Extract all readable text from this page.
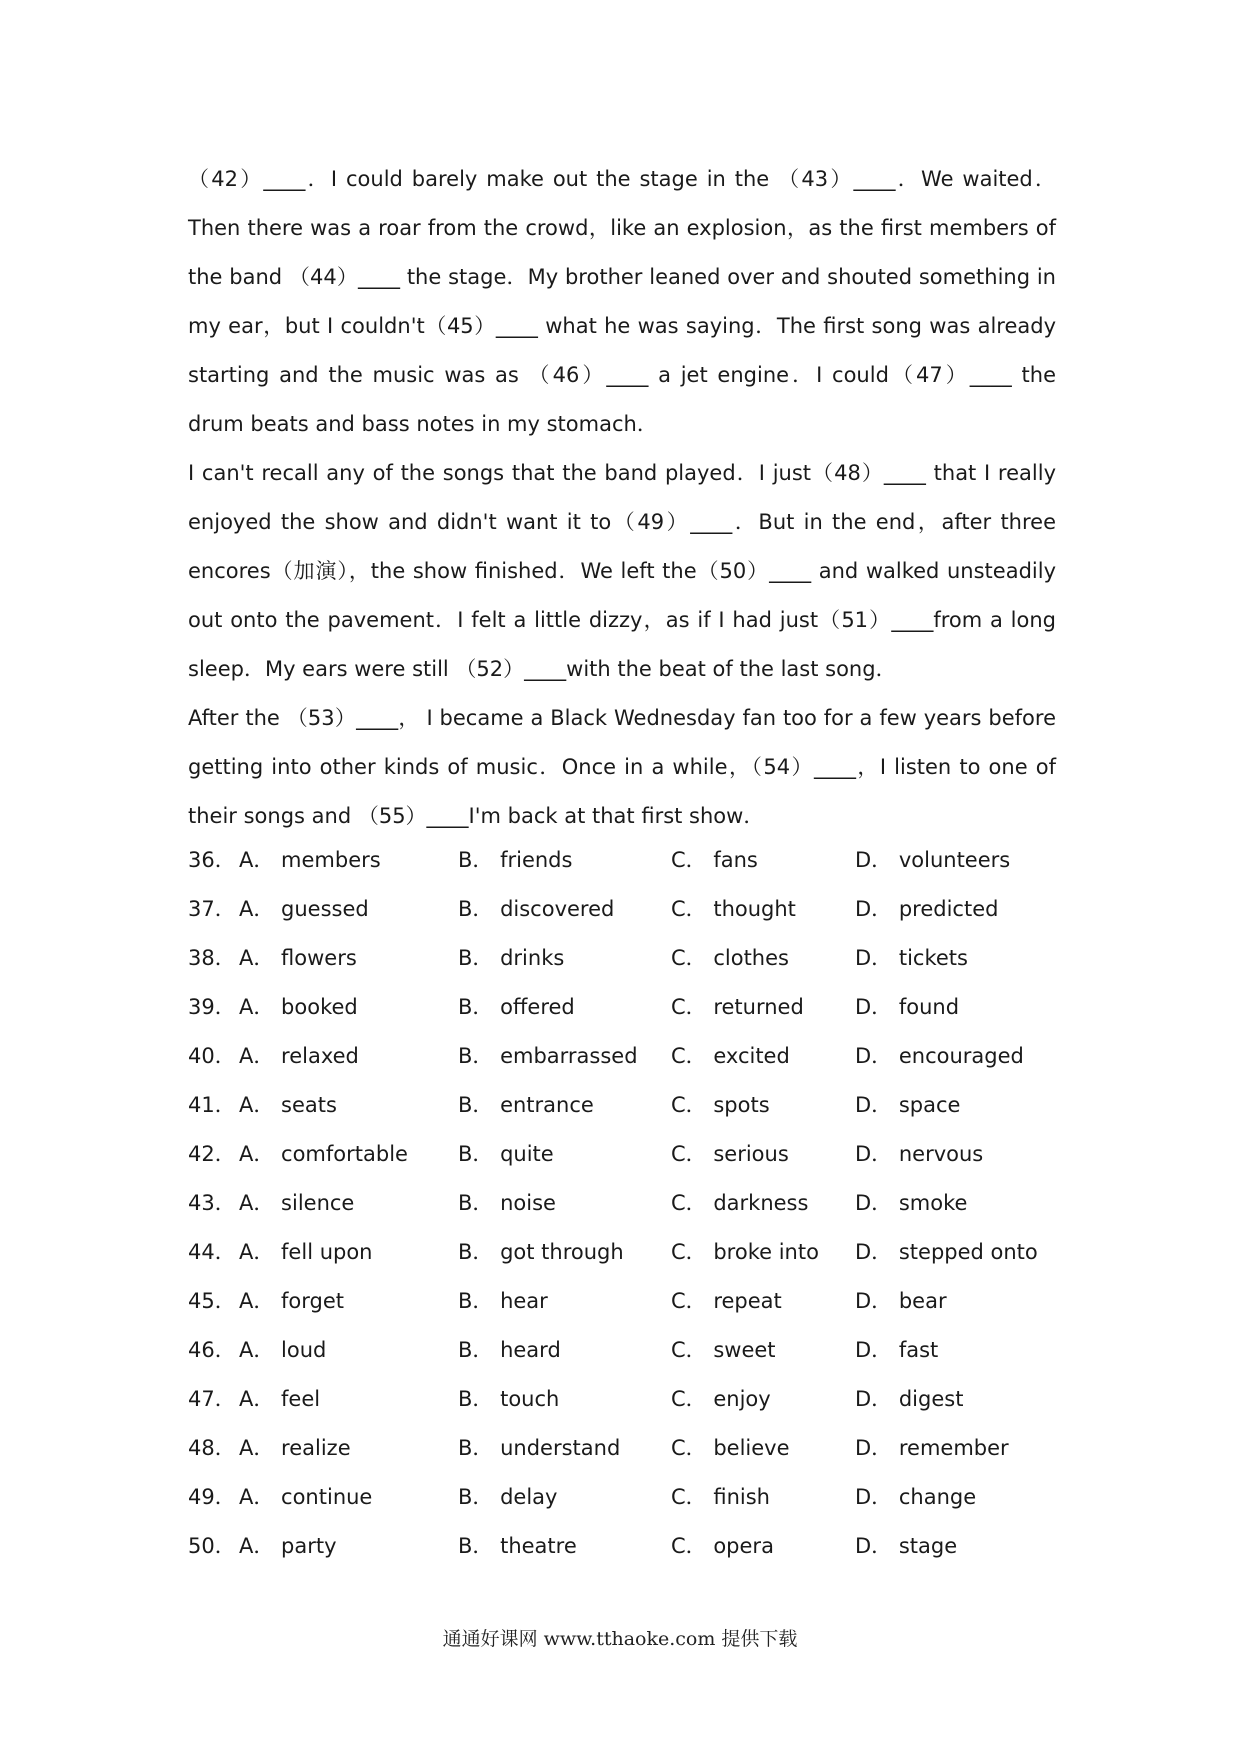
（42）____．I could barely make out the stage in the （43）____．We waited．Then there was a roar from the crowd，like an explosion，as the first members of the band （44）____ the stage．My brother leaned over and shouted something in my ear，but I couldn't（45）____ what he was saying．The first song was already starting and the music was as （46）____ a jet engine．I could（47）____ the drum beats and bass notes in my stomach．

I can't recall any of the songs that the band played．I just（48）____ that I really enjoyed the show and didn't want it to（49）____．But in the end，after three encores（加演），the show finished．We left the（50）____ and walked unsteadily out onto the pavement．I felt a little dizzy，as if I had just（51）____from a long sleep．My ears were still （52）____with the beat of the last song．

After the （53）____， I became a Black Wednesday fan too for a few years before getting into other kinds of music．Once in a while，（54）____，I listen to one of their songs and （55）____I'm back at that first show．

36． A． members	B． friends	C． fans	D． volunteers
37． A． guessed	B． discovered	C． thought	D． predicted
38． A． flowers	B． drinks	C． clothes	D． tickets
39． A． booked	B． offered	C． returned D． found
40． A． relaxed	B． embarrassed C． excited	D． encouraged
41． A． seats	B． entrance	C． spots	D． space
42． A． comfortable B． quite	C． serious	D． nervous
43． A． silence	B． noise	C． darkness D． smoke
44． A． fell upon	B． got through C． broke into D． stepped onto
45． A． forget	B． hear	C． repeat	D． bear
46． A． loud	B． heard	C． sweet	D． fast
47． A． feel	B． touch	C． enjoy	D． digest
48． A． realize	B． understand C． believe	D． remember
49． A． continue	B． delay	C． finish	D． change
50． A． party	B． theatre	C． opera	D． stage
通通好课网 www.tthaoke.com 提供下载
